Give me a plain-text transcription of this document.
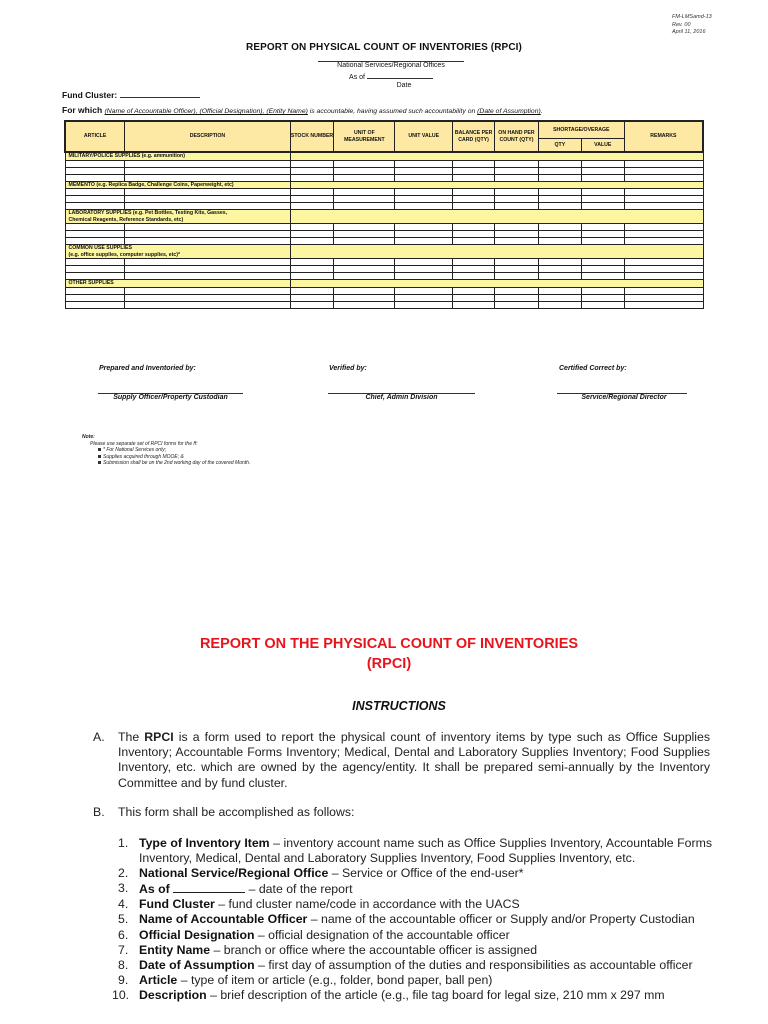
FM-LMSamd-13
Rev. 00
April 11, 2016
REPORT ON PHYSICAL COUNT OF INVENTORIES (RPCI)
National Services/Regional Offices
As of
Date
Fund Cluster:
For which (Name of Accountable Officer), (Official Designation), (Entity Name) is accountable, having assumed such accountability on (Date of Assumption).
ARTICLE	DESCRIPTION	STOCK NUMBER	UNIT OF MEASUREMENT	UNIT VALUE	BALANCE PER CARD (QTY)	ON HAND PER COUNT (QTY)	SHORTAGE/OVERAGE		REMARKS
							QTY	VALUE	
MILITARY/POLICE SUPPLIES (e.g. ammunition)									

MEMENTO (e.g. Replica Badge, Challenge Coins, Paperweight, etc)									

LABORATORY SUPPLIES (e.g. Pet Bottles, Testing Kits, Gasses,
Chemical Reagents, Reference Standards, etc)									

COMMON USE SUPPLIES
(e.g. office supplies, computer supplies, etc)*									

OTHER SUPPLIES									

Prepared and Inventoried by:
Supply Officer/Property Custodian
Verified by:
Chief, Admin Division
Certified Correct by:
Service/Regional Director
Note:
Please use separate set of RPCI forms for the ff:
* For National Services only;
Supplies acquired through MOOE; &
Submission shall be on the 2nd working day of the covered Month.
REPORT ON THE PHYSICAL COUNT OF INVENTORIES
(RPCI)
INSTRUCTIONS
A. The RPCI is a form used to report the physical count of inventory items by type such as Office Supplies Inventory; Accountable Forms Inventory; Medical, Dental and Laboratory Supplies Inventory; Food Supplies Inventory, etc. which are owned by the agency/entity. It shall be prepared semi-annually by the Inventory Committee and by fund cluster.
B. This form shall be accomplished as follows:
1. Type of Inventory Item – inventory account name such as Office Supplies Inventory, Accountable Forms Inventory, Medical, Dental and Laboratory Supplies Inventory, Food Supplies Inventory, etc.
2. National Service/Regional Office – Service or Office of the end-user*
3. As of	– date of the report
4. Fund Cluster – fund cluster name/code in accordance with the UACS
5. Name of Accountable Officer – name of the accountable officer or Supply and/or Property Custodian
6. Official Designation – official designation of the accountable officer
7. Entity Name – branch or office where the accountable officer is assigned
8. Date of Assumption – first day of assumption of the duties and responsibilities as accountable officer
9. Article – type of item or article (e.g., folder, bond paper, ball pen)
10. Description – brief description of the article (e.g., file tag board for legal size, 210 mm x 297 mm
